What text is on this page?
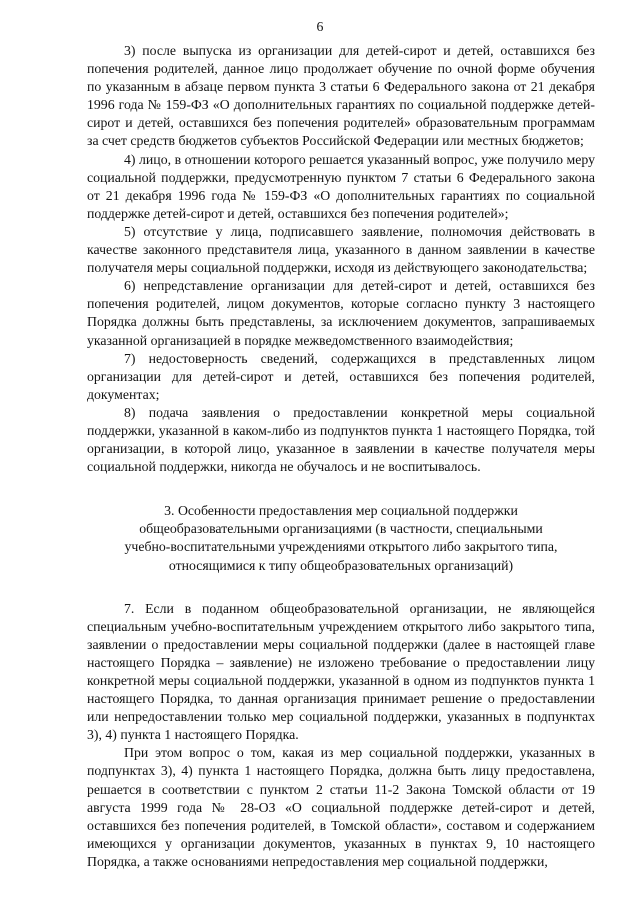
6

3) после выпуска из организации для детей-сирот и детей, оставшихся без попечения родителей, данное лицо продолжает обучение по очной форме обучения по указанным в абзаце первом пункта 3 статьи 6 Федерального закона от 21 декабря 1996 года № 159-ФЗ «О дополнительных гарантиях по социальной поддержке детей-сирот и детей, оставшихся без попечения родителей» образовательным программам за счет средств бюджетов субъектов Российской Федерации или местных бюджетов;

4) лицо, в отношении которого решается указанный вопрос, уже получило меру социальной поддержки, предусмотренную пунктом 7 статьи 6 Федерального закона от 21 декабря 1996 года № 159-ФЗ «О дополнительных гарантиях по социальной поддержке детей-сирот и детей, оставшихся без попечения родителей»;

5) отсутствие у лица, подписавшего заявление, полномочия действовать в качестве законного представителя лица, указанного в данном заявлении в качестве получателя меры социальной поддержки, исходя из действующего законодательства;

6) непредставление организации для детей-сирот и детей, оставшихся без попечения родителей, лицом документов, которые согласно пункту 3 настоящего Порядка должны быть представлены, за исключением документов, запрашиваемых указанной организацией в порядке межведомственного взаимодействия;

7) недостоверность сведений, содержащихся в представленных лицом организации для детей-сирот и детей, оставшихся без попечения родителей, документах;

8) подача заявления о предоставлении конкретной меры социальной поддержки, указанной в каком-либо из подпунктов пункта 1 настоящего Порядка, той организации, в которой лицо, указанное в заявлении в качестве получателя меры социальной поддержки, никогда не обучалось и не воспитывалось.

3. Особенности предоставления мер социальной поддержки

общеобразовательными организациями (в частности, специальными

учебно-воспитательными учреждениями открытого либо закрытого типа,

относящимися к типу общеобразовательных организаций)

7. Если в поданном общеобразовательной организации, не являющейся специальным учебно-воспитательным учреждением открытого либо закрытого типа, заявлении о предоставлении меры социальной поддержки (далее в настоящей главе настоящего Порядка – заявление) не изложено требование о предоставлении лицу конкретной меры социальной поддержки, указанной в одном из подпунктов пункта 1 настоящего Порядка, то данная организация принимает решение о предоставлении или непредоставлении только мер социальной поддержки, указанных в подпунктах 3), 4) пункта 1 настоящего Порядка.

При этом вопрос о том, какая из мер социальной поддержки, указанных в подпунктах 3), 4) пункта 1 настоящего Порядка, должна быть лицу предоставлена, решается в соответствии с пунктом 2 статьи 11-2 Закона Томской области от 19 августа 1999 года № 28-ОЗ «О социальной поддержке детей-сирот и детей, оставшихся без попечения родителей, в Томской области», составом и содержанием имеющихся у организации документов, указанных в пунктах 9, 10 настоящего Порядка, а также основаниями непредоставления мер социальной поддержки,
